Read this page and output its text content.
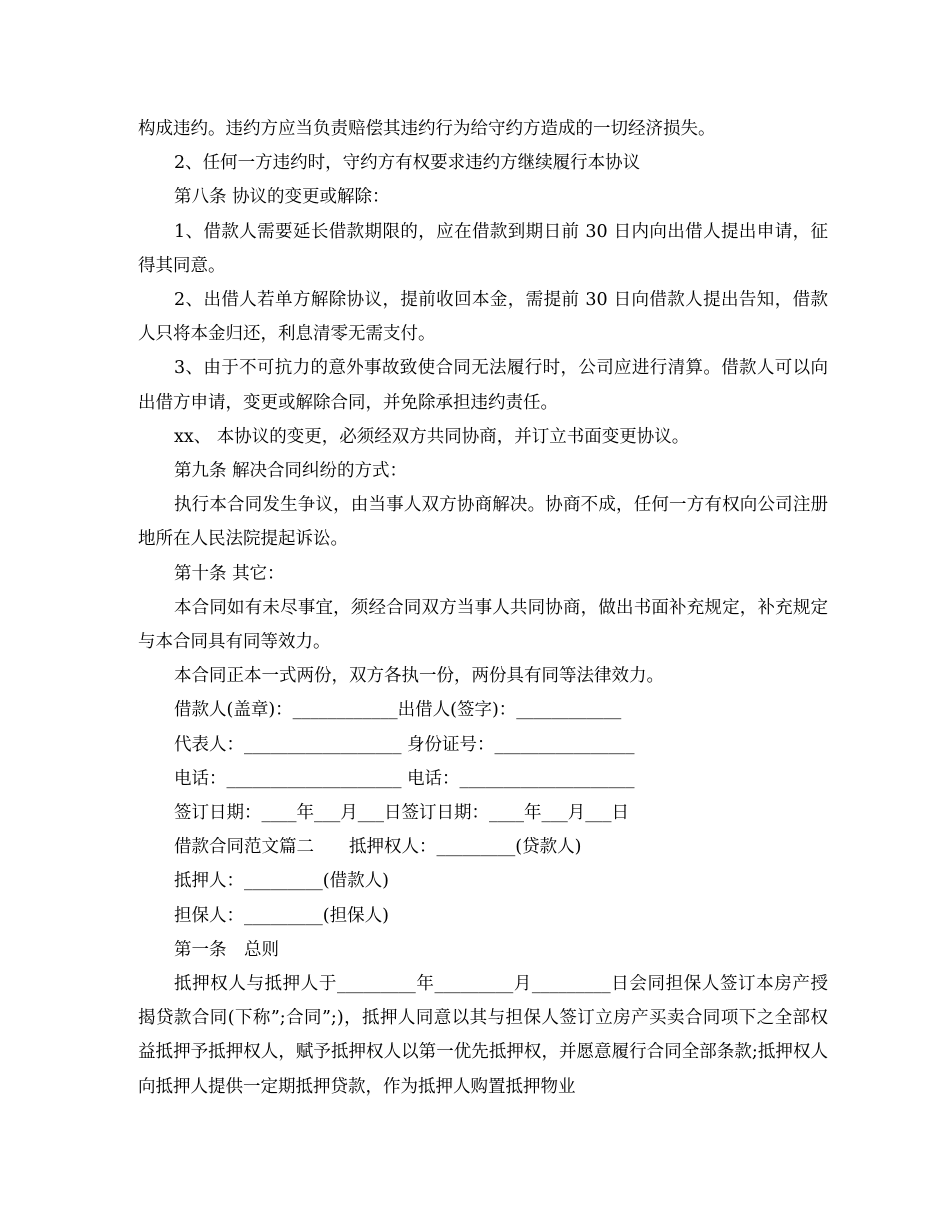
构成违约。违约方应当负责赔偿其违约行为给守约方造成的一切经济损失。

2、任何一方违约时，守约方有权要求违约方继续履行本协议

第八条 协议的变更或解除：

1、借款人需要延长借款期限的，应在借款到期日前 30 日内向出借人提出申请，征得其同意。

2、出借人若单方解除协议，提前收回本金，需提前 30 日向借款人提出告知，借款人只将本金归还，利息清零无需支付。

3、由于不可抗力的意外事故致使合同无法履行时，公司应进行清算。借款人可以向出借方申请，变更或解除合同，并免除承担违约责任。

xx、 本协议的变更，必须经双方共同协商，并订立书面变更协议。

第九条 解决合同纠纷的方式：

执行本合同发生争议，由当事人双方协商解决。协商不成，任何一方有权向公司注册地所在人民法院提起诉讼。

第十条 其它：

本合同如有未尽事宜，须经合同双方当事人共同协商，做出书面补充规定，补充规定与本合同具有同等效力。

本合同正本一式两份，双方各执一份，两份具有同等法律效力。

借款人(盖章)：____________出借人(签字)：____________

代表人：__________________ 身份证号：________________

电话：____________________ 电话：____________________

签订日期：____年___月___日签订日期：____年___月___日

借款合同范文篇二　　抵押权人：_________(贷款人)

抵押人：_________(借款人)

担保人：_________(担保人)

第一条　总则

抵押权人与抵押人于_________年_________月_________日会同担保人签订本房产授揭贷款合同(下称”;合同”;)，抵押人同意以其与担保人签订立房产买卖合同项下之全部权益抵押予抵押权人，赋予抵押权人以第一优先抵押权，并愿意履行合同全部条款;抵押权人向抵押人提供一定期抵押贷款，作为抵押人购置抵押物业
